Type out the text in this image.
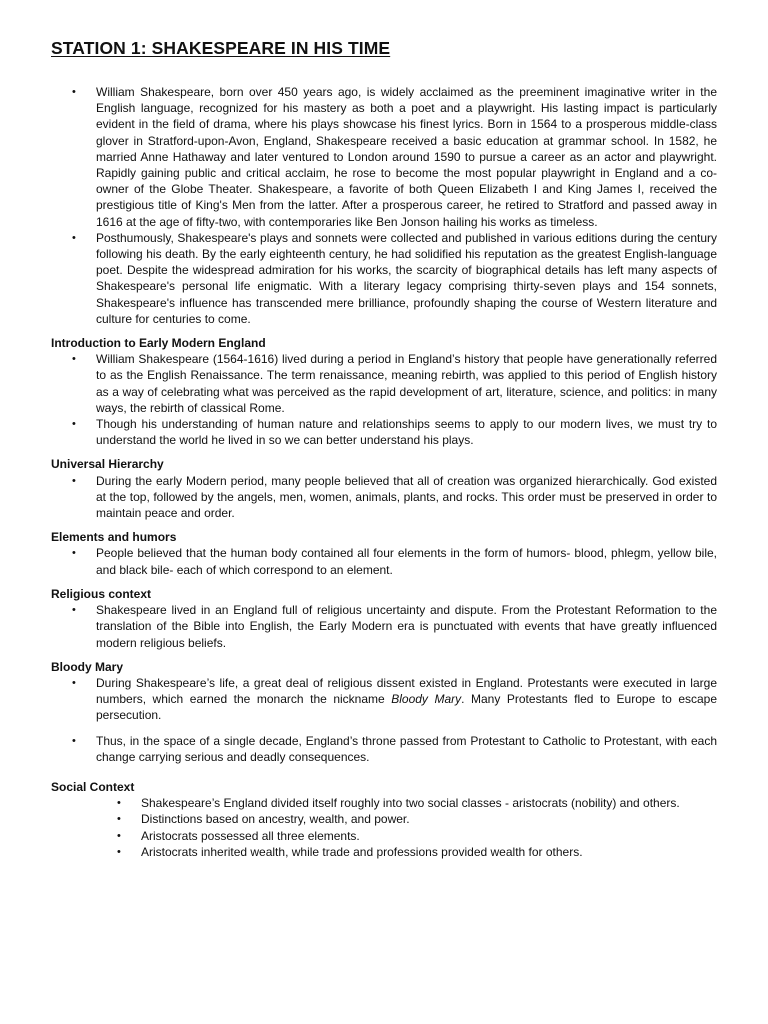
STATION 1: SHAKESPEARE IN HIS TIME
• William Shakespeare, born over 450 years ago, is widely acclaimed as the preeminent imaginative writer in the English language, recognized for his mastery as both a poet and a playwright. His lasting impact is particularly evident in the field of drama, where his plays showcase his finest lyrics. Born in 1564 to a prosperous middle-class glover in Stratford-upon-Avon, England, Shakespeare received a basic education at grammar school. In 1582, he married Anne Hathaway and later ventured to London around 1590 to pursue a career as an actor and playwright. Rapidly gaining public and critical acclaim, he rose to become the most popular playwright in England and a co-owner of the Globe Theater. Shakespeare, a favorite of both Queen Elizabeth I and King James I, received the prestigious title of King's Men from the latter. After a prosperous career, he retired to Stratford and passed away in 1616 at the age of fifty-two, with contemporaries like Ben Jonson hailing his works as timeless.
• Posthumously, Shakespeare's plays and sonnets were collected and published in various editions during the century following his death. By the early eighteenth century, he had solidified his reputation as the greatest English-language poet. Despite the widespread admiration for his works, the scarcity of biographical details has left many aspects of Shakespeare's personal life enigmatic. With a literary legacy comprising thirty-seven plays and 154 sonnets, Shakespeare's influence has transcended mere brilliance, profoundly shaping the course of Western literature and culture for centuries to come.

Introduction to Early Modern England

• William Shakespeare (1564-1616) lived during a period in England’s history that people have generationally referred to as the English Renaissance. The term renaissance, meaning rebirth, was applied to this period of English history as a way of celebrating what was perceived as the rapid development of art, literature, science, and politics: in many ways, the rebirth of classical Rome.
• Though his understanding of human nature and relationships seems to apply to our modern lives, we must try to understand the world he lived in so we can better understand his plays.

Universal Hierarchy

• During the early Modern period, many people believed that all of creation was organized hierarchically. God existed at the top, followed by the angels, men, women, animals, plants, and rocks. This order must be preserved in order to maintain peace and order.

Elements and humors

• People believed that the human body contained all four elements in the form of humors- blood, phlegm, yellow bile, and black bile- each of which correspond to an element.

Religious context

• Shakespeare lived in an England full of religious uncertainty and dispute. From the Protestant Reformation to the translation of the Bible into English, the Early Modern era is punctuated with events that have greatly influenced modern religious beliefs.

Bloody Mary

• During Shakespeare’s life, a great deal of religious dissent existed in England. Protestants were executed in large numbers, which earned the monarch the nickname Bloody Mary. Many Protestants fled to Europe to escape persecution.
• Thus, in the space of a single decade, England’s throne passed from Protestant to Catholic to Protestant, with each change carrying serious and deadly consequences.

Social Context

• Shakespeare’s England divided itself roughly into two social classes - aristocrats (nobility) and others.
• Distinctions based on ancestry, wealth, and power.
• Aristocrats possessed all three elements.
• Aristocrats inherited wealth, while trade and professions provided wealth for others.
